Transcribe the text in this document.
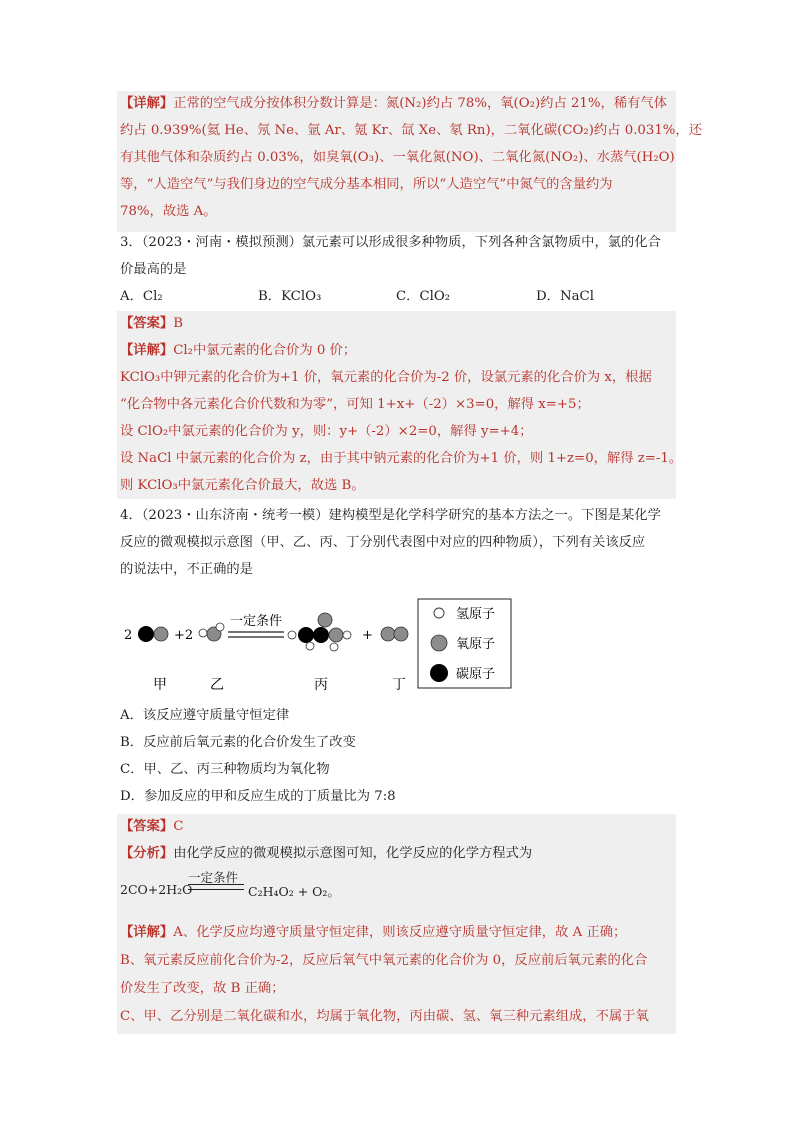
【详解】正常的空气成分按体积分数计算是：氮(N₂)约占 78%，氧(O₂)约占 21%，稀有气体
约占 0.939%(氦 He、氖 Ne、氩 Ar、氪 Kr、氙 Xe、氡 Rn)，二氧化碳(CO₂)约占 0.031%，还
有其他气体和杂质约占 0.03%，如臭氧(O₃)、一氧化氮(NO)、二氧化氮(NO₂)、水蒸气(H₂O)
等，“人造空气”与我们身边的空气成分基本相同，所以“人造空气”中氮气的含量约为
78%，故选 A。
3．（2023・河南・模拟预测）氯元素可以形成很多种物质，下列各种含氯物质中，氯的化合
价最高的是
A．Cl₂	B．KClO₃	C．ClO₂	D．NaCl
【答案】B
【详解】Cl₂中氯元素的化合价为 0 价；
KClO₃中钾元素的化合价为+1 价，氧元素的化合价为-2 价，设氯元素的化合价为 x，根据
“化合物中各元素化合价代数和为零”，可知 1+x+（-2）×3=0，解得 x=+5；
设 ClO₂中氯元素的化合价为 y，则：y+（-2）×2=0，解得 y=+4；
设 NaCl 中氯元素的化合价为 z，由于其中钠元素的化合价为+1 价，则 1+z=0，解得 z=-1。
则 KClO₃中氯元素化合价最大，故选 B。
4．（2023・山东济南・统考一模）建构模型是化学科学研究的基本方法之一。下图是某化学
反应的微观模拟示意图（甲、乙、丙、丁分别代表图中对应的四种物质），下列有关该反应
的说法中，不正确的是
2	+2
一定条件
+
甲	乙	丙	丁
氢原子
氧原子
碳原子
A．该反应遵守质量守恒定律
B．反应前后氧元素的化合价发生了改变
C．甲、乙、丙三种物质均为氧化物
D．参加反应的甲和反应生成的丁质量比为 7:8
【答案】C
【分析】由化学反应的微观模拟示意图可知，化学反应的化学方程式为
2CO+2H₂O
一定条件
C₂H₄O₂ + O₂。
【详解】A、化学反应均遵守质量守恒定律，则该反应遵守质量守恒定律，故 A 正确；
B、氧元素反应前化合价为-2，反应后氧气中氧元素的化合价为 0，反应前后氧元素的化合
价发生了改变，故 B 正确；
C、甲、乙分别是二氧化碳和水，均属于氧化物，丙由碳、氢、氧三种元素组成，不属于氧
